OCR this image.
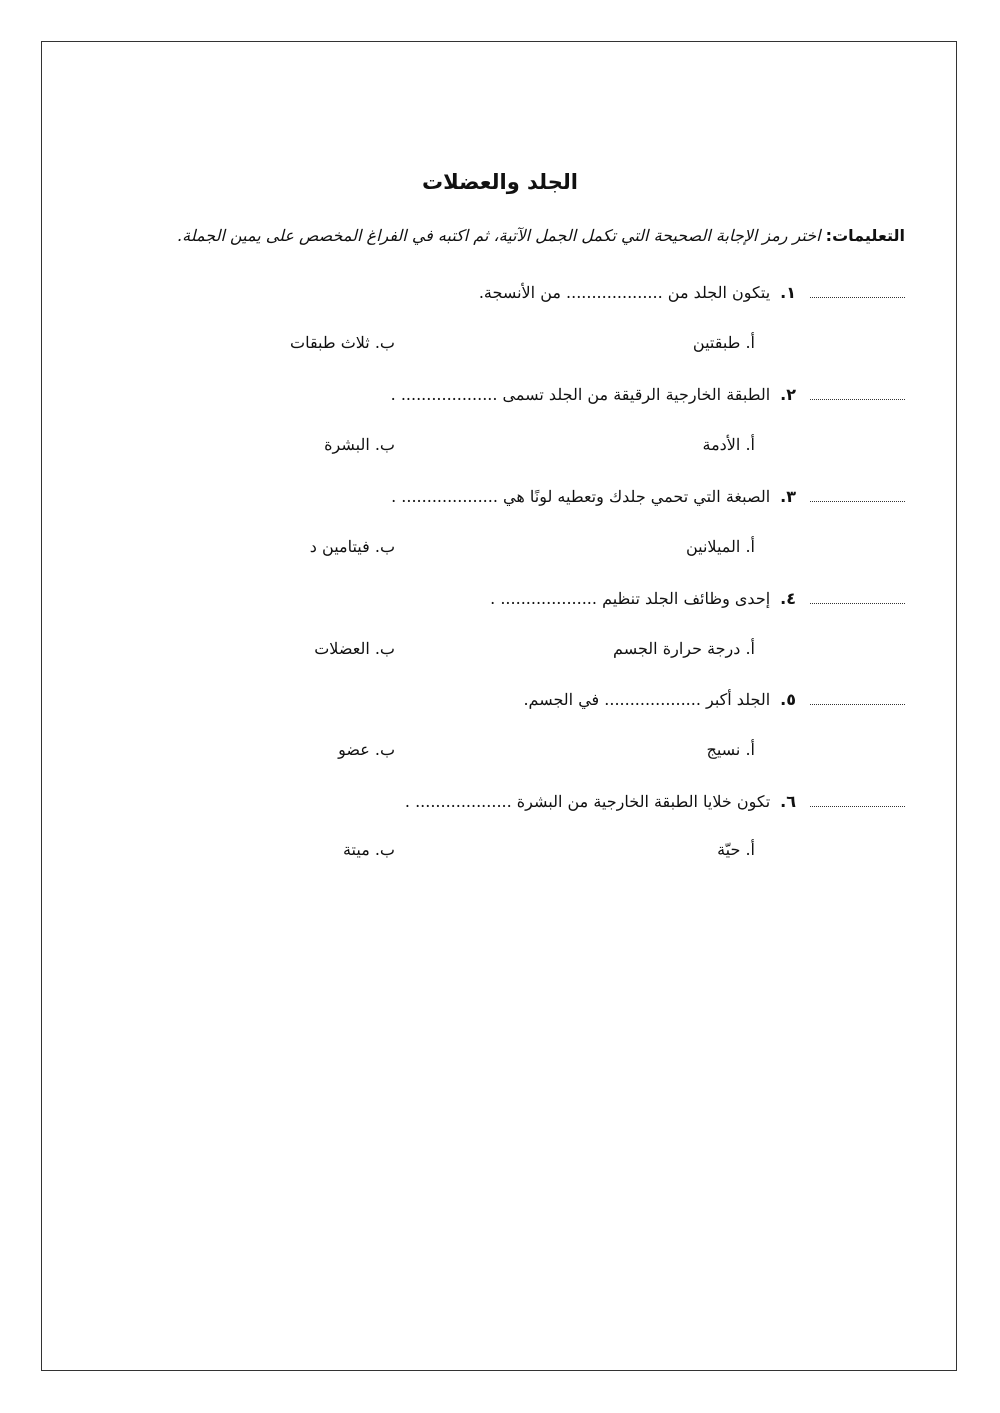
الجلد والعضلات
التعليمات: اختر رمز الإجابة الصحيحة التي تكمل الجمل الآتية، ثم اكتبه في الفراغ المخصص على يمين الجملة.
١.
يتكون الجلد من ................... من الأنسجة.
أ. طبقتين
ب. ثلاث طبقات
٢.
الطبقة الخارجية الرقيقة من الجلد تسمى ................... .
أ. الأدمة
ب. البشرة
٣.
الصبغة التي تحمي جلدك وتعطيه لونًا هي ................... .
أ. الميلانين
ب. فيتامين د
٤.
إحدى وظائف الجلد تنظيم ................... .
أ. درجة حرارة الجسم
ب. العضلات
٥.
الجلد أكبر ................... في الجسم.
أ. نسيج
ب. عضو
٦.
تكون خلايا الطبقة الخارجية من البشرة ................... .
أ. حيّة
ب. ميتة
